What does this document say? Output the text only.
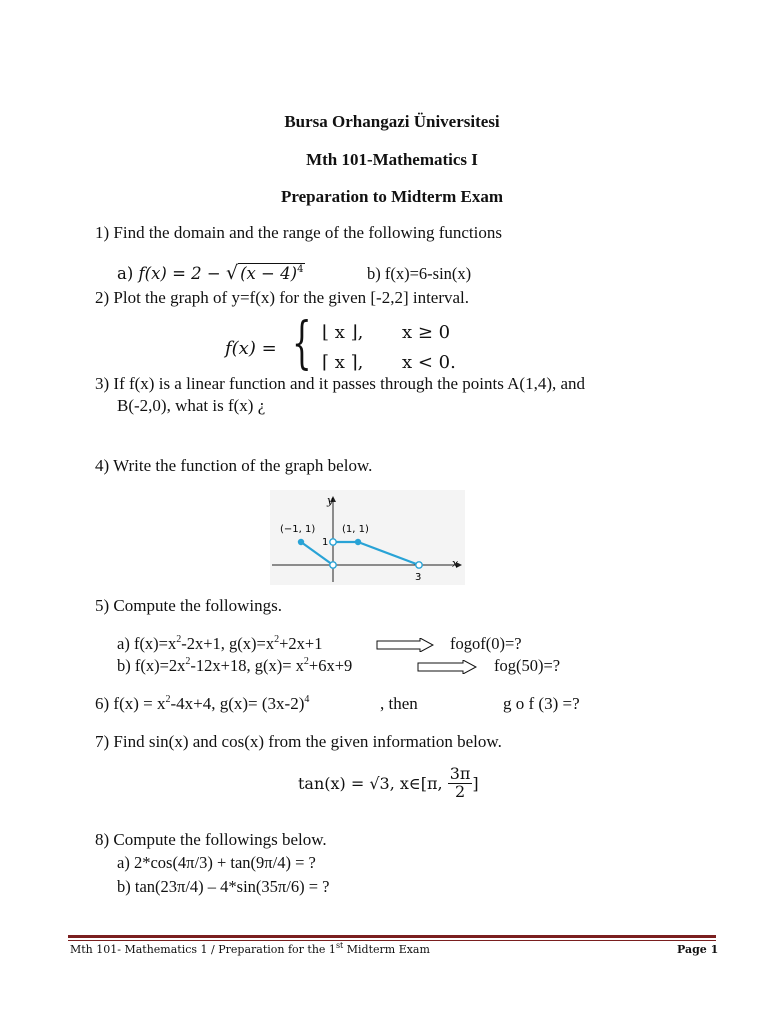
Bursa Orhangazi Üniversitesi
Mth 101-Mathematics I
Preparation to Midterm Exam
1) Find the domain and the range of the following functions
a) f(x) = 2 − √ $(x - 4)^4$	b) f(x)=6-sin(x)
2) Plot the graph of y=f(x) for the given [-2,2] interval.
f(x) = { ⌊ x ⌋, x ≥ 0
⌈ x ⌉, x < 0.
3) If f(x) is a linear function and it passes through the points A(1,4), and
B(-2,0), what is f(x) ¿
4) Write the function of the graph below.
y
x
(−1, 1)	(1, 1)
1
3
5) Compute the followings.
a) $f(x)=x^2-2x+1$, $g(x)=x^2+2x+1$	fogof(0)=?
b) $f(x)=2x^2-12x+18$, $g(x)= x^2+6x+9$	fog(50)=?
6) $f(x) = x^2-4x+4$, $g(x)= (3x-2)^4$	, then	g o f (3) =?
7) Find sin(x) and cos(x) from the given information below.
tan(x) = √3, x∈[π, $\frac{3\pi}{2}$ ]
8) Compute the followings below.
a) 2*cos(4π/3) + tan(9π/4) = ?
b) tan(23π/4) – 4*sin(35π/6) = ?
Mth 101- Mathematics 1 / Preparation for the 1st Midterm Exam	Page 1
